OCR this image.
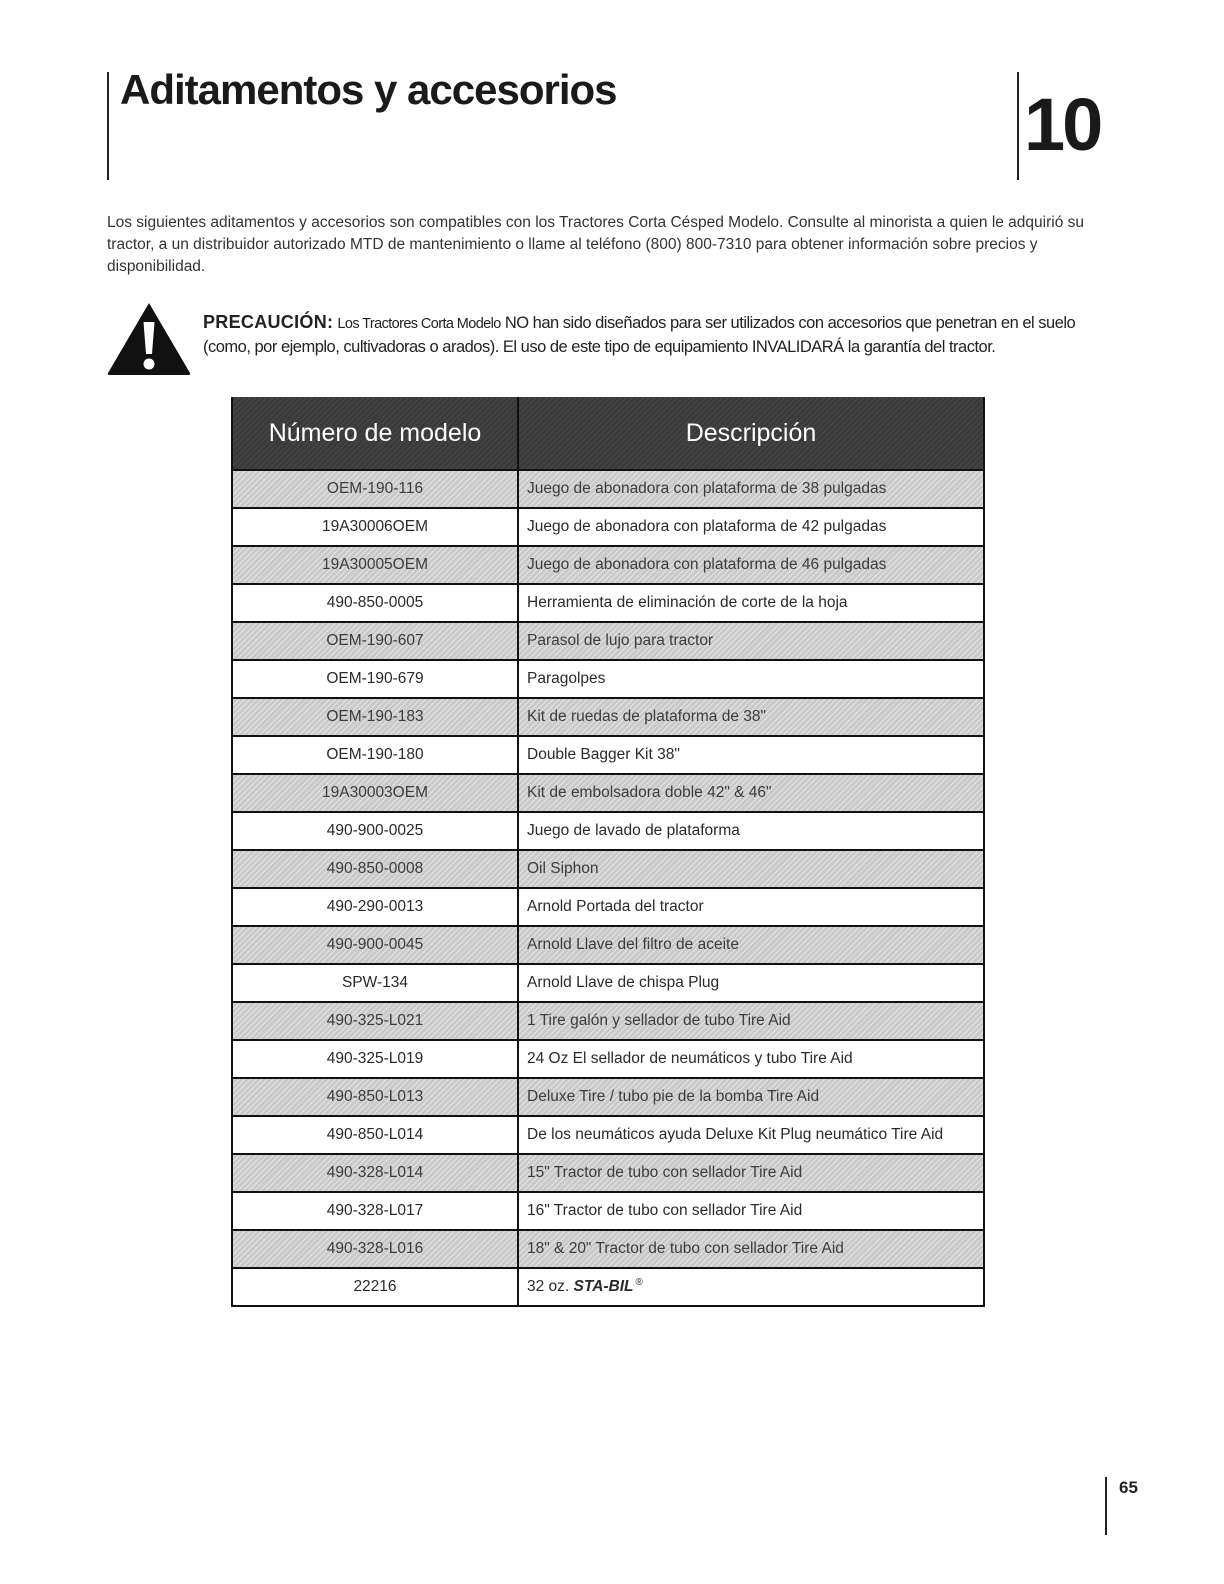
Aditamentos y accesorios	10

Los siguientes aditamentos y accesorios son compatibles con los Tractores Corta Césped Modelo. Consulte al minorista a quien le adquirió su tractor, a un distribuidor autorizado MTD de mantenimiento o llame al teléfono (800) 800-7310 para obtener información sobre precios y disponibilidad.

PRECAUCIÓN: Los Tractores Corta Modelo NO han sido diseñados para ser utilizados con accesorios que penetran en el suelo (como, por ejemplo, cultivadoras o arados). El uso de este tipo de equipamiento INVALIDARÁ la garantía del tractor.

Número de modelo	Descripción
OEM-190-116	Juego de abonadora con plataforma de 38 pulgadas
19A30006OEM	Juego de abonadora con plataforma de 42 pulgadas
19A30005OEM	Juego de abonadora con plataforma de 46 pulgadas
490-850-0005	Herramienta de eliminación de corte de la hoja
OEM-190-607	Parasol de lujo para tractor
OEM-190-679	Paragolpes
OEM-190-183	Kit de ruedas de plataforma de 38"
OEM-190-180	Double Bagger Kit 38"
19A30003OEM	Kit de embolsadora doble 42" & 46"
490-900-0025	Juego de lavado de plataforma
490-850-0008	Oil Siphon
490-290-0013	Arnold Portada del tractor
490-900-0045	Arnold Llave del filtro de aceite
SPW-134	Arnold Llave de chispa Plug
490-325-L021	1 Tire galón y sellador de tubo Tire Aid
490-325-L019	24 Oz El sellador de neumáticos y tubo Tire Aid
490-850-L013	Deluxe Tire / tubo pie de la bomba Tire Aid
490-850-L014	De los neumáticos ayuda Deluxe Kit Plug neumático Tire Aid
490-328-L014	15" Tractor de tubo con sellador Tire Aid
490-328-L017	16" Tractor de tubo con sellador Tire Aid
490-328-L016	18" & 20" Tractor de tubo con sellador Tire Aid
22216	32 oz. STA-BIL ®
65
